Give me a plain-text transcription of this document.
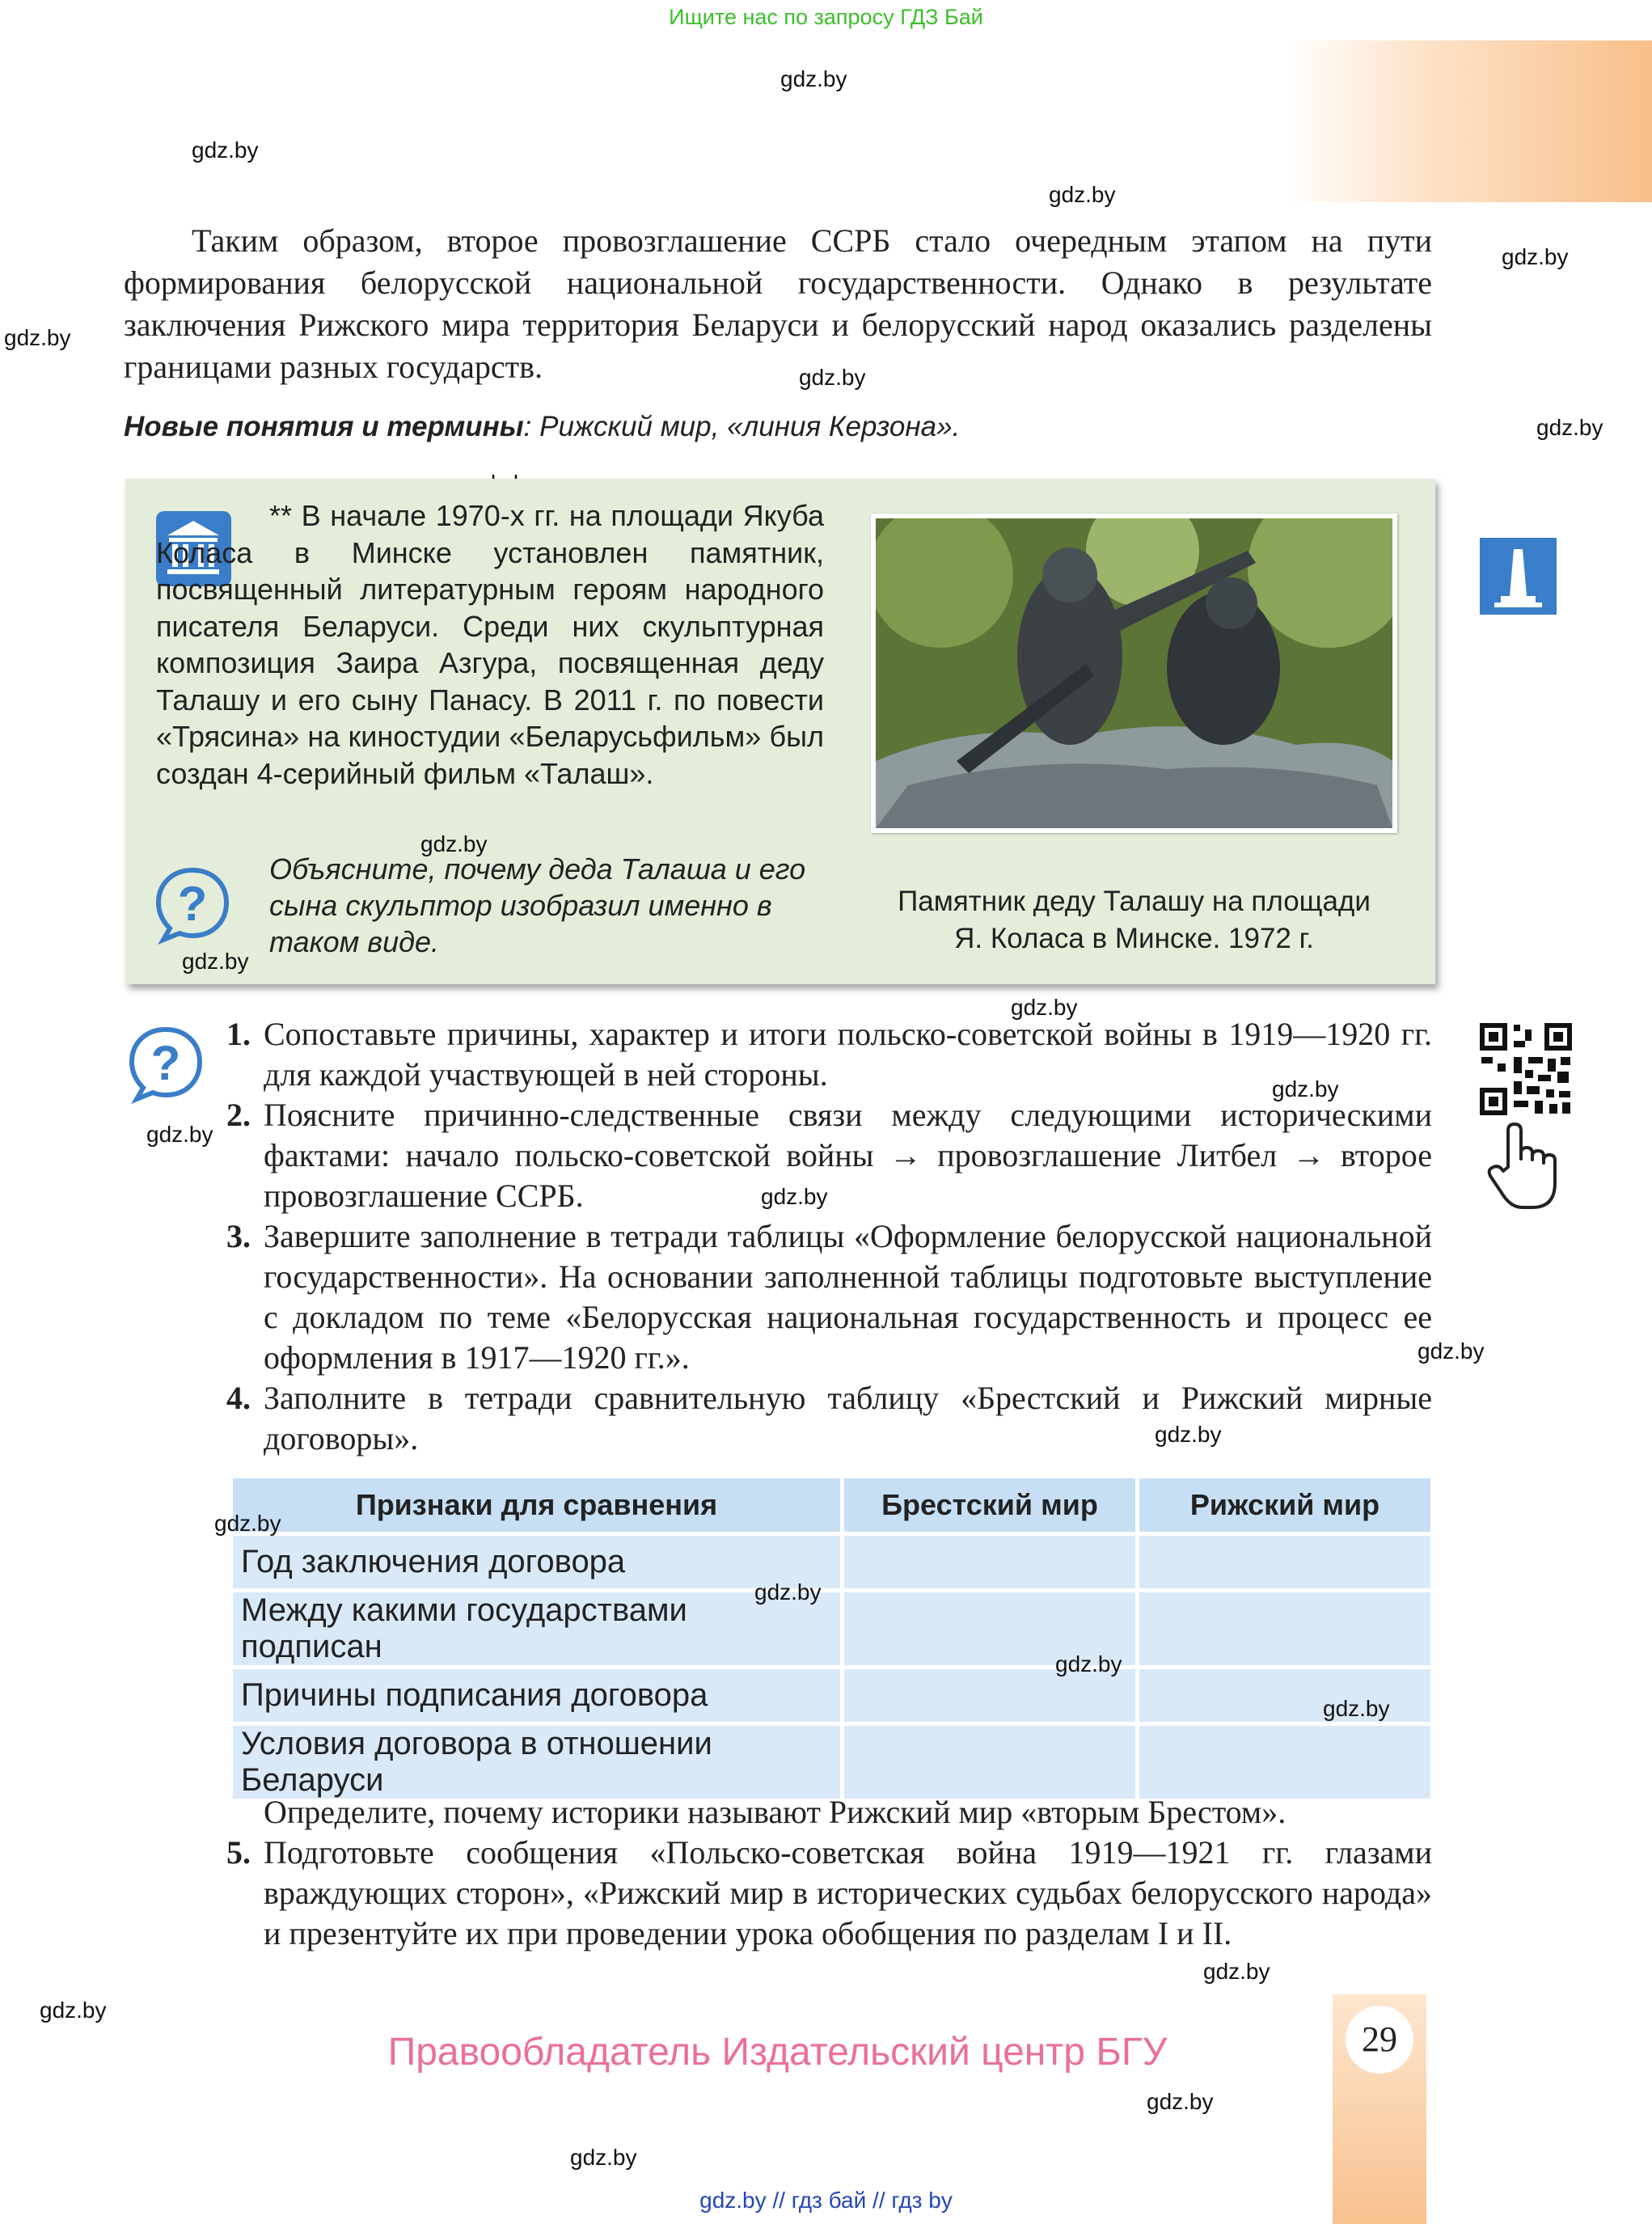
Ищите нас по запросу ГДЗ Бай
gdz.by
gdz.by
gdz.by
gdz.by
gdz.by
gdz.by
gdz.by
Таким образом, второе провозглашение ССРБ стало очередным этапом на пути формирования белорусской национальной государственности. Однако в результате заключения Рижского мира территория Беларуси и белорусский народ оказались разделены границами разных государств.
Новые понятия и термины: Рижский мир, «линия Керзона».
** В начале 1970-х гг. на площади Якуба Коласа в Минске установлен памятник, посвященный литературным героям народного писателя Беларуси. Среди них скульптурная композиция Заира Азгура, посвященная деду Талашу и его сыну Панасу. В 2011 г. по повести «Трясина» на киностудии «Беларусьфильм» был создан 4-серийный фильм «Талаш».
?
Объясните, почему деда Талаша и его сына скульптор изобразил именно в таком виде.
gdz.by
gdz.by
Памятник деду Талашу на площади
Я. Коласа в Минске. 1972 г.
?
gdz.by
gdz.by
gdz.by
gdz.by
gdz.by
gdz.by
1. Сопоставьте причины, характер и итоги польско-советской войны в 1919—1920 гг. для каждой участвующей в ней стороны.
2. Поясните причинно-следственные связи между следующими историческими фактами: начало польско-советской войны → провозглашение Литбел → второе провозглашение ССРБ.
3. Завершите заполнение в тетради таблицы «Оформление белорусской национальной государственности». На основании заполненной таблицы подготовьте выступление с докладом по теме «Белорусская национальная государственность и процесс ее оформления в 1917—1920 гг.».
4. Заполните в тетради сравнительную таблицу «Брестский и Рижский мирные договоры».
Признаки для сравнения	Брестский мир	Рижский мир
Год заключения договора		
Между какими государствами подписан		
Причины подписания договора		
Условия договора в отношении Беларуси		
gdz.by
gdz.by
gdz.by
gdz.by
Определите, почему историки называют Рижский мир «вторым Брестом».
5. Подготовьте сообщения «Польско-советская война 1919—1921 гг. глазами враждующих сторон», «Рижский мир в исторических судьбах белорусского народа» и презентуйте их при проведении урока обобщения по разделам I и II.
gdz.by
gdz.by
29
Правообладатель Издательский центр БГУ
gdz.by
gdz.by
gdz.by // гдз бай // гдз by
